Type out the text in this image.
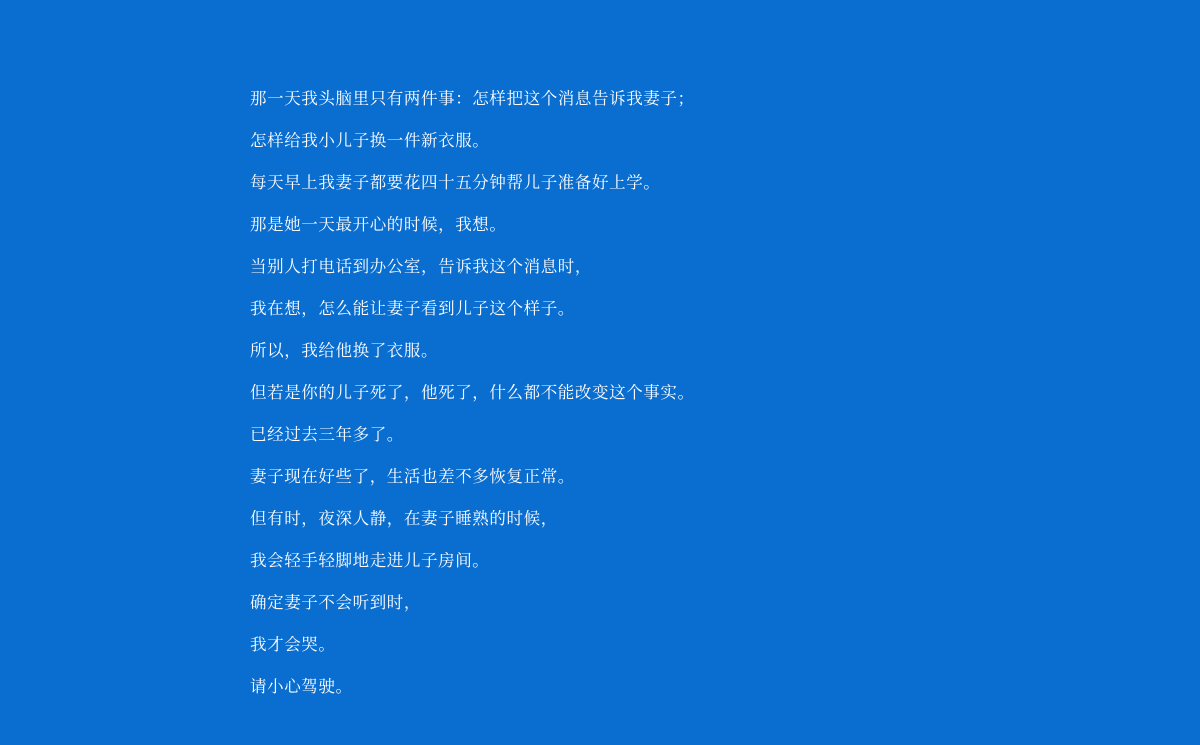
那一天我头脑里只有两件事：怎样把这个消息告诉我妻子；
怎样给我小儿子换一件新衣服。
每天早上我妻子都要花四十五分钟帮儿子准备好上学。
那是她一天最开心的时候，我想。
当别人打电话到办公室，告诉我这个消息时，
我在想，怎么能让妻子看到儿子这个样子。
所以，我给他换了衣服。
但若是你的儿子死了，他死了，什么都不能改变这个事实。
已经过去三年多了。
妻子现在好些了，生活也差不多恢复正常。
但有时，夜深人静，在妻子睡熟的时候，
我会轻手轻脚地走进儿子房间。
确定妻子不会听到时，
我才会哭。
请小心驾驶。
